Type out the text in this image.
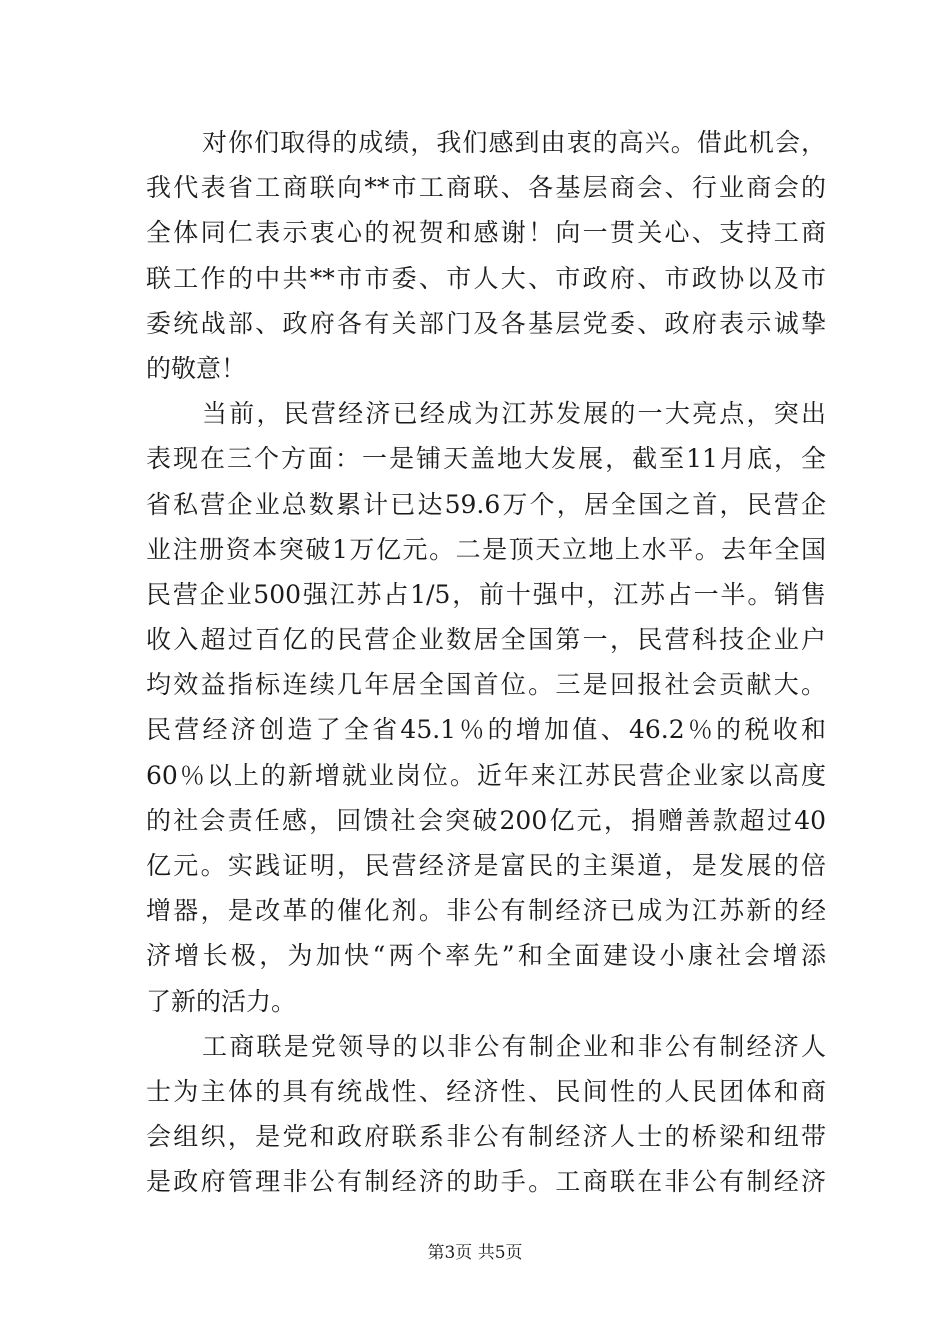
对你们取得的成绩，我们感到由衷的高兴。借此机会，
我代表省工商联向**市工商联、各基层商会、行业商会的
全体同仁表示衷心的祝贺和感谢！向一贯关心、支持工商
联工作的中共**市市委、市人大、市政府、市政协以及市
委统战部、政府各有关部门及各基层党委、政府表示诚挚
的敬意！
当前，民营经济已经成为江苏发展的一大亮点，突出
表现在三个方面：一是铺天盖地大发展，截至11月底，全
省私营企业总数累计已达59.6万个，居全国之首，民营企
业注册资本突破1万亿元。二是顶天立地上水平。去年全国
民营企业500强江苏占1/5，前十强中，江苏占一半。销售
收入超过百亿的民营企业数居全国第一，民营科技企业户
均效益指标连续几年居全国首位。三是回报社会贡献大。
民营经济创造了全省45.1％的增加值、46.2％的税收和
60％以上的新增就业岗位。近年来江苏民营企业家以高度
的社会责任感，回馈社会突破200亿元，捐赠善款超过40
亿元。实践证明，民营经济是富民的主渠道，是发展的倍
增器，是改革的催化剂。非公有制经济已成为江苏新的经
济增长极，为加快“两个率先”和全面建设小康社会增添
了新的活力。
工商联是党领导的以非公有制企业和非公有制经济人
士为主体的具有统战性、经济性、民间性的人民团体和商
会组织，是党和政府联系非公有制经济人士的桥梁和纽带
是政府管理非公有制经济的助手。工商联在非公有制经济
第3页 共5页
